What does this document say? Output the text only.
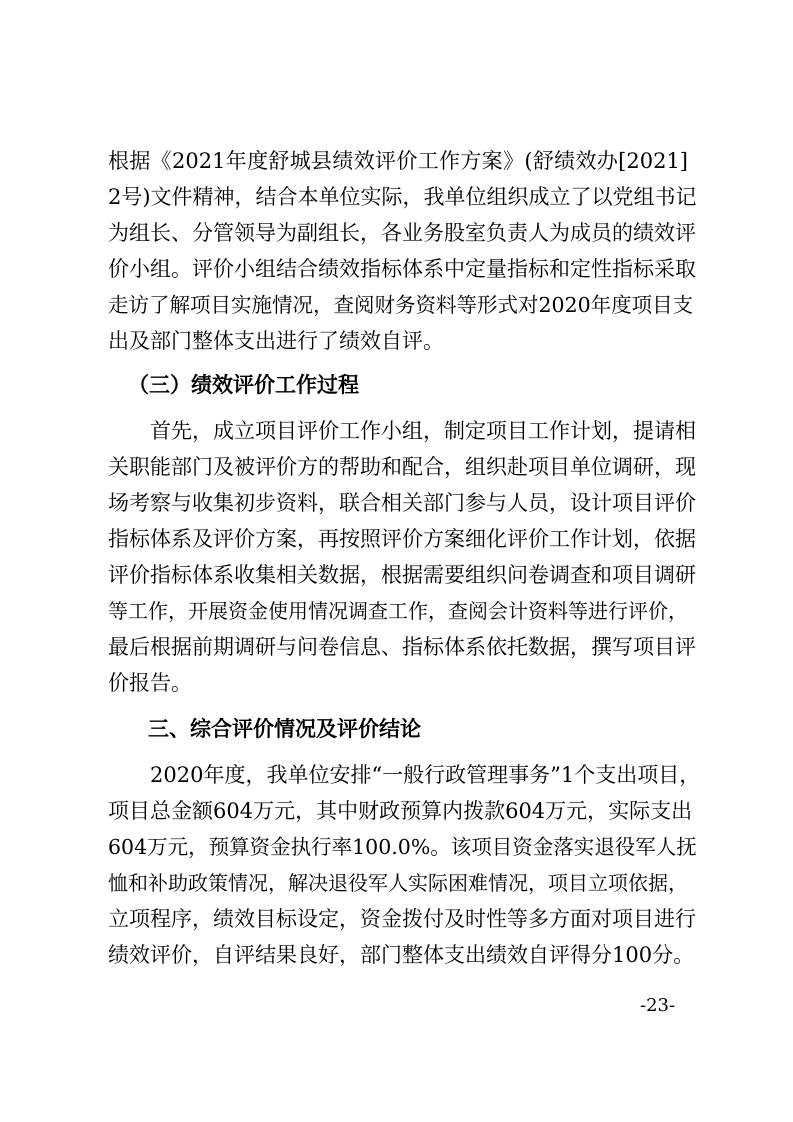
根据《2021年度舒城县绩效评价工作方案》(舒绩效办[2021]
2号)文件精神，结合本单位实际，我单位组织成立了以党组书记
为组长、分管领导为副组长，各业务股室负责人为成员的绩效评
价小组。评价小组结合绩效指标体系中定量指标和定性指标采取
走访了解项目实施情况，查阅财务资料等形式对2020年度项目支
出及部门整体支出进行了绩效自评。
（三）绩效评价工作过程
首先，成立项目评价工作小组，制定项目工作计划，提请相
关职能部门及被评价方的帮助和配合，组织赴项目单位调研，现
场考察与收集初步资料，联合相关部门参与人员，设计项目评价
指标体系及评价方案，再按照评价方案细化评价工作计划，依据
评价指标体系收集相关数据，根据需要组织问卷调查和项目调研
等工作，开展资金使用情况调查工作，查阅会计资料等进行评价，
最后根据前期调研与问卷信息、指标体系依托数据，撰写项目评
价报告。
三、综合评价情况及评价结论
2020年度，我单位安排“一般行政管理事务”1个支出项目，
项目总金额604万元，其中财政预算内拨款604万元，实际支出
604万元，预算资金执行率100.0%。该项目资金落实退役军人抚
恤和补助政策情况，解决退役军人实际困难情况，项目立项依据，
立项程序，绩效目标设定，资金拨付及时性等多方面对项目进行
绩效评价，自评结果良好，部门整体支出绩效自评得分100分。
-23-
